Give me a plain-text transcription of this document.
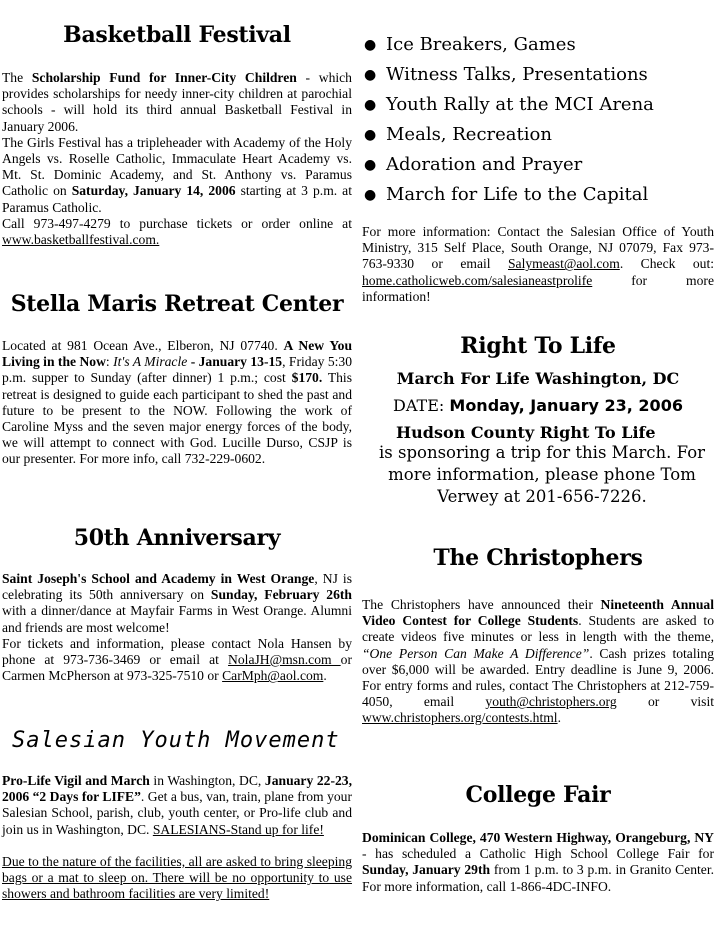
Basketball Festival

The Scholarship Fund for Inner-City Children - which provides scholarships for needy inner-city children at parochial schools - will hold its third annual Basketball Festival in January 2006.
The Girls Festival has a tripleheader with Academy of the Holy Angels vs. Roselle Catholic, Immaculate Heart Academy vs. Mt. St. Dominic Academy, and St. Anthony vs. Paramus Catholic on Saturday, January 14, 2006 starting at 3 p.m. at Paramus Catholic.
Call 973-497-4279 to purchase tickets or order online at www.basketballfestival.com.

Stella Maris Retreat Center

Located at 981 Ocean Ave., Elberon, NJ 07740. A New You Living in the Now: It's A Miracle - January 13-15, Friday 5:30 p.m. supper to Sunday (after dinner) 1 p.m.; cost $170. This retreat is designed to guide each participant to shed the past and future to be present to the NOW. Following the work of Caroline Myss and the seven major energy forces of the body, we will attempt to connect with God. Lucille Durso, CSJP is our presenter. For more info, call 732-229-0602.

50th Anniversary

Saint Joseph's School and Academy in West Orange, NJ is celebrating its 50th anniversary on Sunday, February 26th with a dinner/dance at Mayfair Farms in West Orange. Alumni and friends are most welcome!
For tickets and information, please contact Nola Hansen by phone at 973-736-3469 or email at NolaJH@msn.com or Carmen McPherson at 973-325-7510 or CarMph@aol.com.

Salesian Youth Movement

Pro-Life Vigil and March in Washington, DC, January 22-23, 2006 “2 Days for LIFE”. Get a bus, van, train, plane from your Salesian School, parish, club, youth center, or Pro-life club and join us in Washington, DC. SALESIANS-Stand up for life!

Due to the nature of the facilities, all are asked to bring sleeping bags or a mat to sleep on. There will be no opportunity to use showers and bathroom facilities are very limited!

● Ice Breakers, Games
● Witness Talks, Presentations
● Youth Rally at the MCI Arena
● Meals, Recreation
● Adoration and Prayer
● March for Life to the Capital

For more information: Contact the Salesian Office of Youth Ministry, 315 Self Place, South Orange, NJ 07079, Fax 973-763-9330 or email Salymeast@aol.com. Check out: home.catholicweb.com/salesianeastprolife for more information!

Right To Life
March For Life Washington, DC
DATE: Monday, January 23, 2006
Hudson County Right To Life
is sponsoring a trip for this March. For more information, please phone Tom Verwey at 201-656-7226.
The Christophers

The Christophers have announced their Nineteenth Annual Video Contest for College Students. Students are asked to create videos five minutes or less in length with the theme, “One Person Can Make A Difference”. Cash prizes totaling over $6,000 will be awarded. Entry deadline is June 9, 2006. For entry forms and rules, contact The Christophers at 212-759-4050, email youth@christophers.org or visit www.christophers.org/contests.html.

College Fair

Dominican College, 470 Western Highway, Orangeburg, NY - has scheduled a Catholic High School College Fair for Sunday, January 29th from 1 p.m. to 3 p.m. in Granito Center. For more information, call 1-866-4DC-INFO.
